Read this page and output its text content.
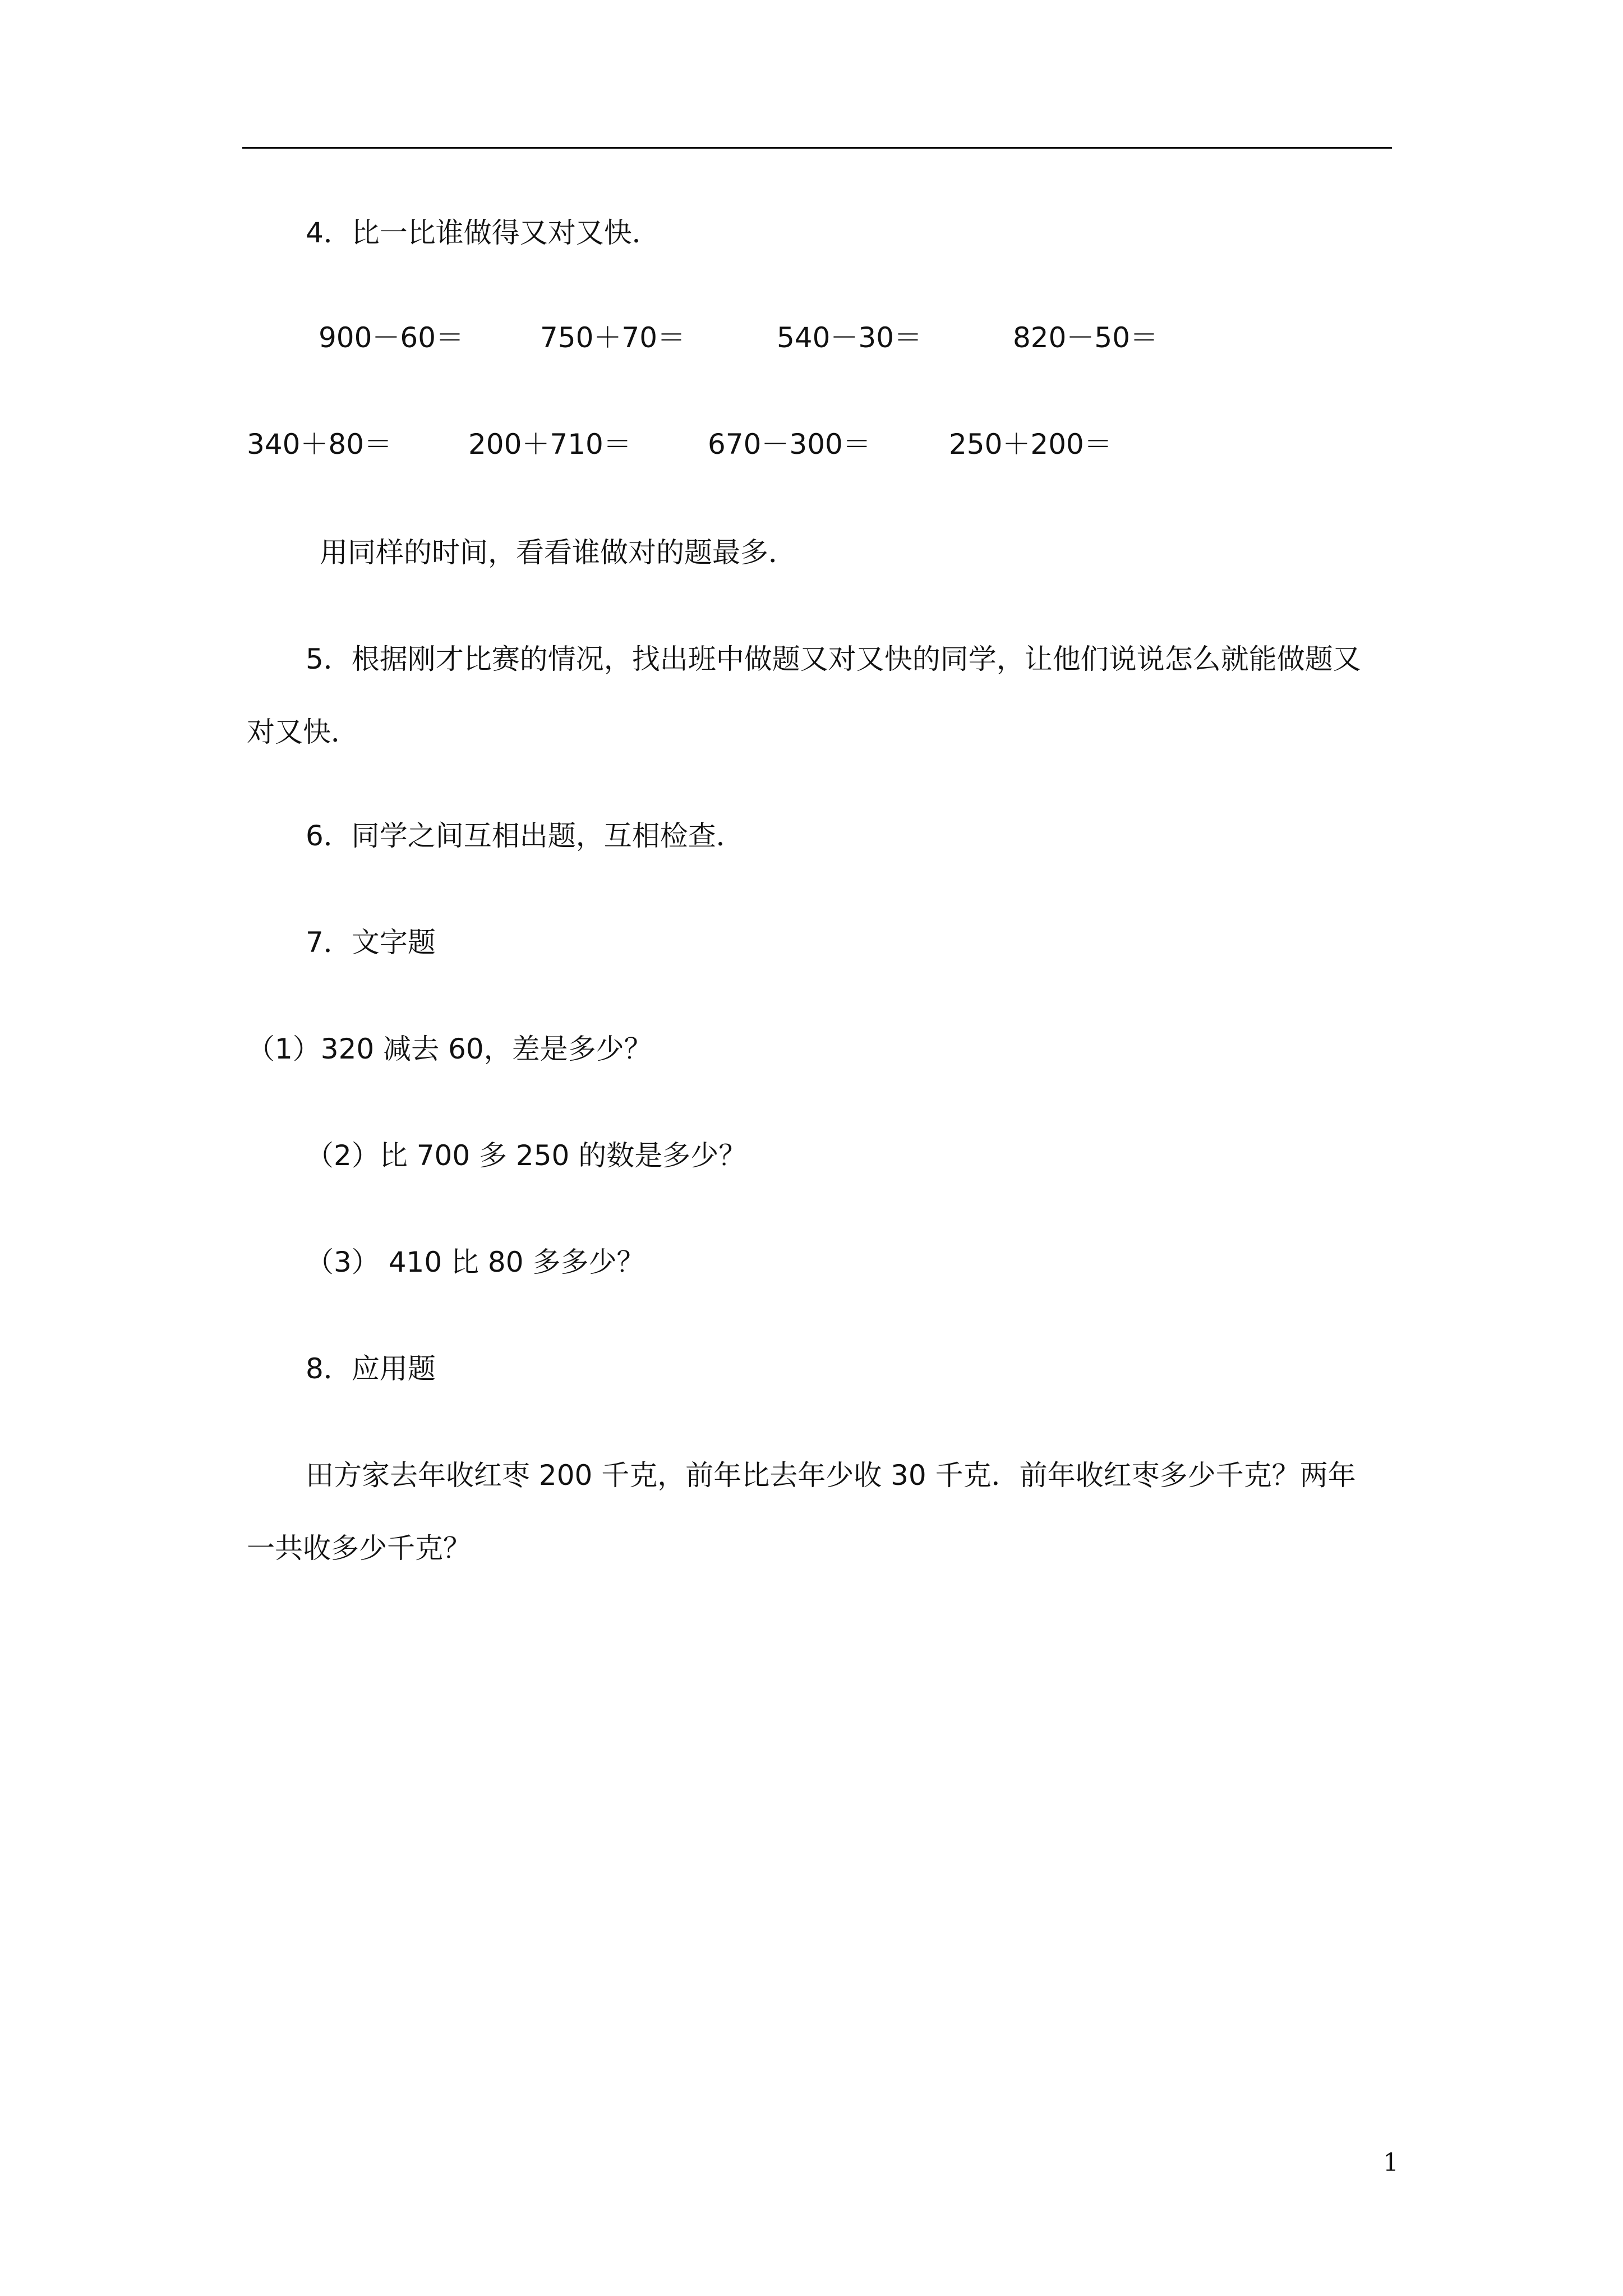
4．比一比谁做得又对又快．
900－60＝	750＋70＝	540－30＝	820－50＝
340＋80＝	200＋710＝	670－300＝	250＋200＝
用同样的时间，看看谁做对的题最多．
5．根据刚才比赛的情况，找出班中做题又对又快的同学，让他们说说怎么就能做题又
对又快．
6．同学之间互相出题，互相检查．
7．文字题
（1）320 减去 60，差是多少？
（2）比 700 多 250 的数是多少？
（3） 410 比 80 多多少？
8．应用题
田方家去年收红枣 200 千克，前年比去年少收 30 千克．前年收红枣多少千克？两年
一共收多少千克？
1
